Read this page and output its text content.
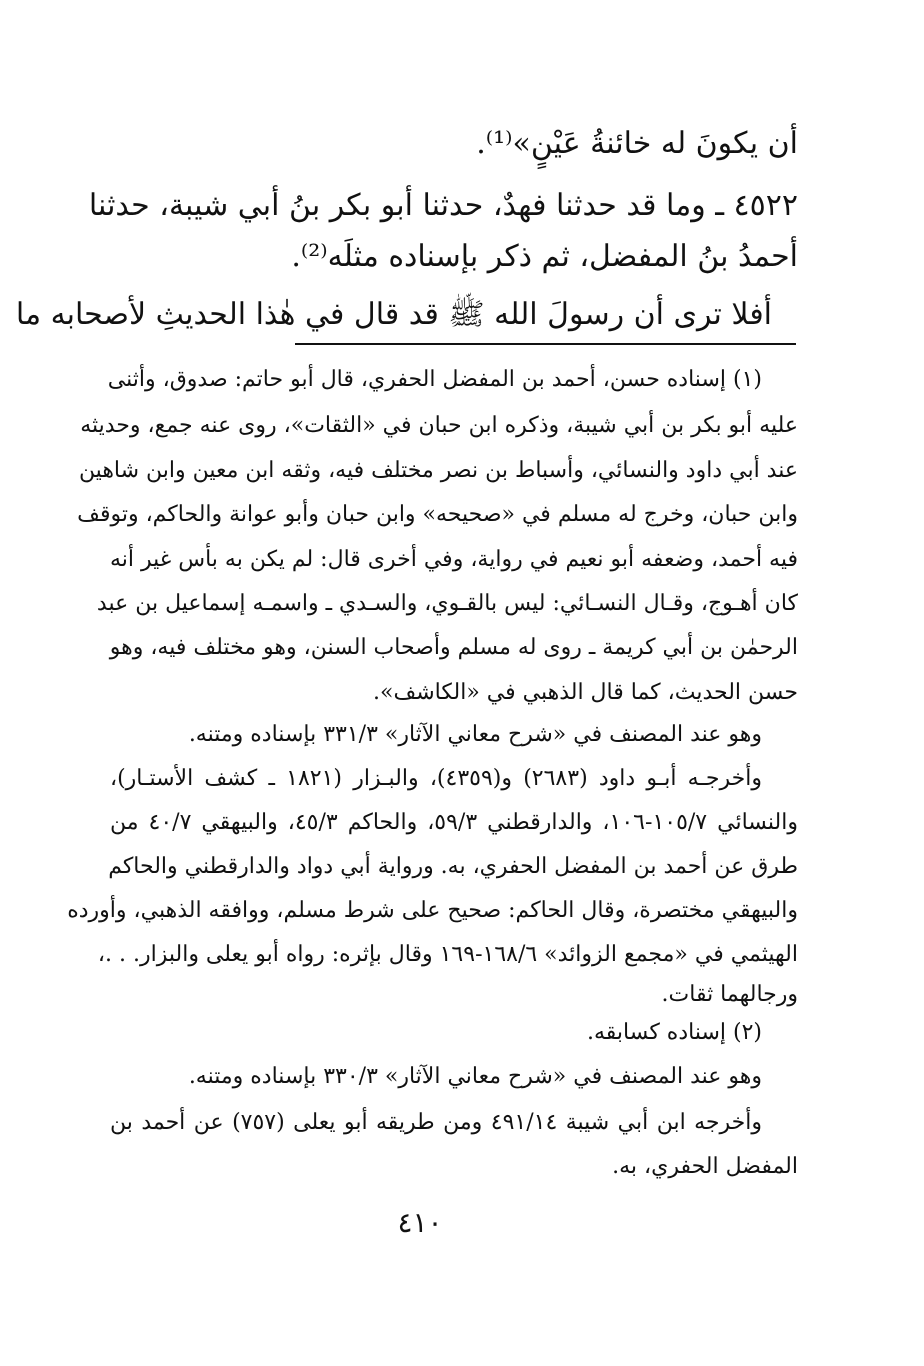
أن يكونَ له خائنةُ عَيْنٍ»⁽¹⁾.
٤٥٢٢ ـ وما قد حدثنا فهدٌ، حدثنا أبو بكر بنُ أبي شيبة، حدثنا
أحمدُ بنُ المفضل، ثم ذكر بإسناده مثلَه⁽²⁾.
أفلا ترى أن رسولَ الله ﷺ قد قال في هٰذا الحديثِ لأصحابه ما
(١) إسناده حسن، أحمد بن المفضل الحفري، قال أبو حاتم: صدوق، وأثنى
عليه أبو بكر بن أبي شيبة، وذكره ابن حبان في «الثقات»، روى عنه جمع، وحديثه
عند أبي داود والنسائي، وأسباط بن نصر مختلف فيه، وثقه ابن معين وابن شاهين
وابن حبان، وخرج له مسلم في «صحيحه» وابن حبان وأبو عوانة والحاكم، وتوقف
فيه أحمد، وضعفه أبو نعيم في رواية، وفي أخرى قال: لم يكن به بأس غير أنه
كان أهـوج، وقـال النسـائي: ليس بالقـوي، والسـدي ـ واسمـه إسماعيل بن عبد
الرحمٰن بن أبي كريمة ـ روى له مسلم وأصحاب السنن، وهو مختلف فيه، وهو
حسن الحديث، كما قال الذهبي في «الكاشف».
وهو عند المصنف في «شرح معاني الآثار» ٣٣١/٣ بإسناده ومتنه.
وأخرجـه أبـو داود (٢٦٨٣) و(٤٣٥٩)، والبـزار (١٨٢١ ـ كشف الأستـار)،
والنسائي ١٠٥/٧-١٠٦، والدارقطني ٥٩/٣، والحاكم ٤٥/٣، والبيهقي ٤٠/٧ من
طرق عن أحمد بن المفضل الحفري، به. ورواية أبي دواد والدارقطني والحاكم
والبيهقي مختصرة، وقال الحاكم: صحيح على شرط مسلم، ووافقه الذهبي، وأورده
الهيثمي في «مجمع الزوائد» ١٦٨/٦-١٦٩ وقال بإثره: رواه أبو يعلى والبزار. . .،
ورجالهما ثقات.
(٢) إسناده كسابقه.
وهو عند المصنف في «شرح معاني الآثار» ٣٣٠/٣ بإسناده ومتنه.
وأخرجه ابن أبي شيبة ٤٩١/١٤ ومن طريقه أبو يعلى (٧٥٧) عن أحمد بن
المفضل الحفري، به.
٤١٠
